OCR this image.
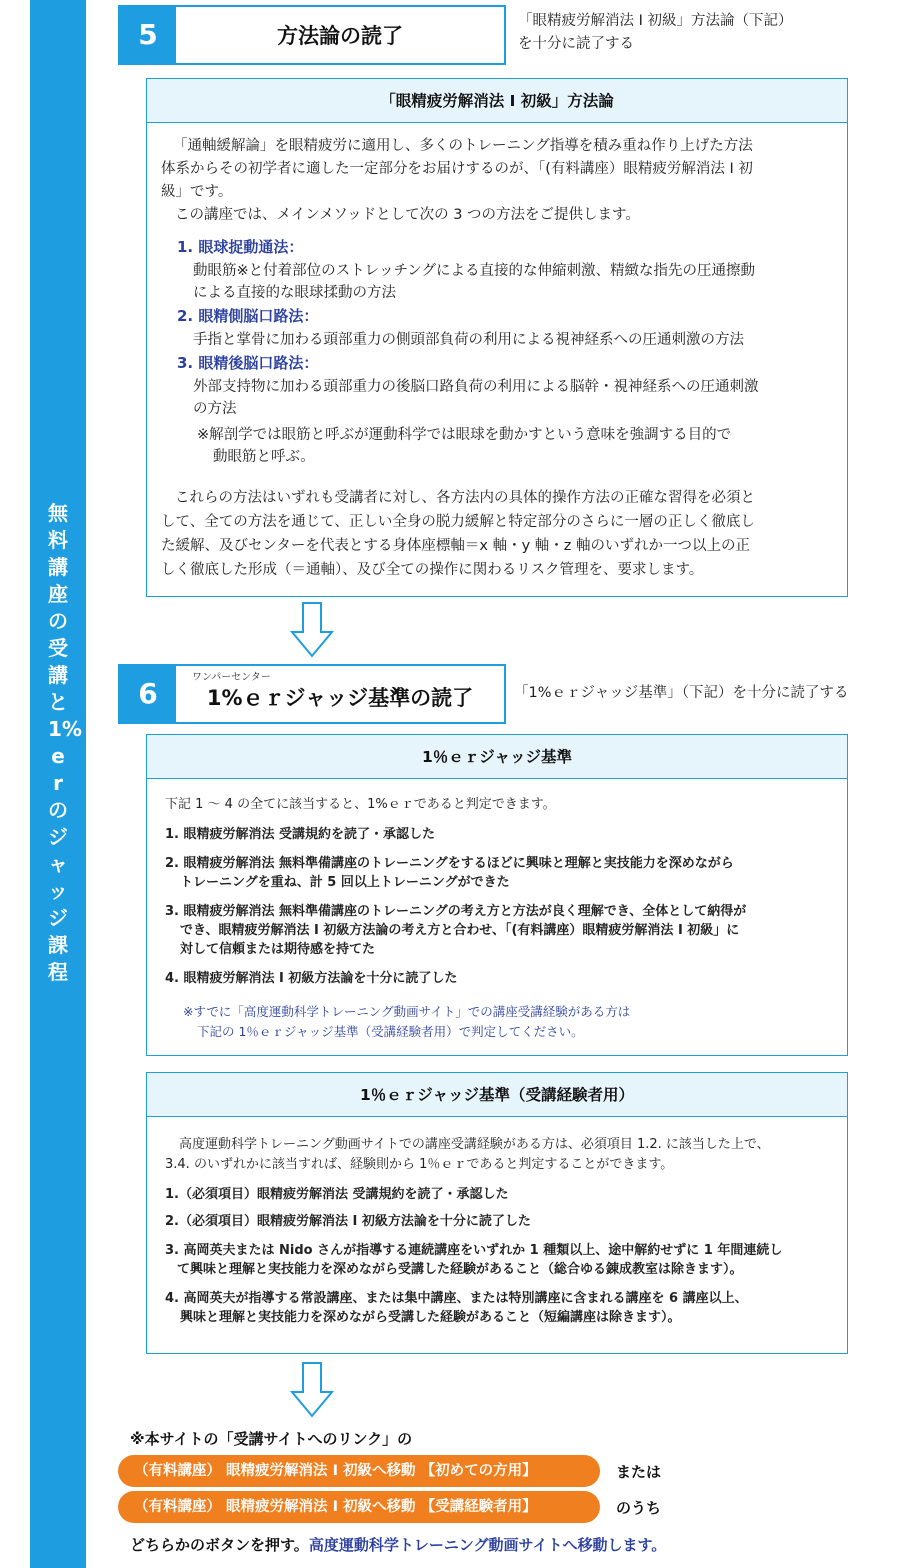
無料講座の受講と1%erのジャッジ課程
5	方法論の読了
「眼精疲労解消法 I 初級」方法論（下記）
を十分に読了する
「眼精疲労解消法 I 初級」方法論
「通軸緩解論」を眼精疲労に適用し、多くのトレーニング指導を積み重ね作り上げた方法
体系からその初学者に適した一定部分をお届けするのが、「(有料講座）眼精疲労解消法 I 初
級」です。
この講座では、メインメソッドとして次の 3 つの方法をご提供します。
1. 眼球捉動通法：
動眼筋※と付着部位のストレッチングによる直接的な伸縮刺激、精緻な指先の圧通擦動
による直接的な眼球揉動の方法
2. 眼精側脳口路法：
手指と掌骨に加わる頭部重力の側頭部負荷の利用による視神経系への圧通刺激の方法
3. 眼精後脳口路法：
外部支持物に加わる頭部重力の後脳口路負荷の利用による脳幹・視神経系への圧通刺激
の方法
※解剖学では眼筋と呼ぶが運動科学では眼球を動かすという意味を強調する目的で
動眼筋と呼ぶ。
これらの方法はいずれも受講者に対し、各方法内の具体的操作方法の正確な習得を必須と
して、全ての方法を通じて、正しい全身の脱力緩解と特定部分のさらに一層の正しく徹底し
た緩解、及びセンターを代表とする身体座標軸＝x 軸・y 軸・z 軸のいずれか一つ以上の正
しく徹底した形成（＝通軸）、及び全ての操作に関わるリスク管理を、要求します。
6	ワンパーセンター
1%ｅｒジャッジ基準の読了	「1%ｅｒジャッジ基準」（下記）を十分に読了する
1％ｅｒジャッジ基準
下記 1 ～ 4 の全てに該当すると、1%ｅｒであると判定できます。
1. 眼精疲労解消法 受講規約を読了・承認した
2. 眼精疲労解消法 無料準備講座のトレーニングをするほどに興味と理解と実技能力を深めながら
トレーニングを重ね、計 5 回以上トレーニングができた
3. 眼精疲労解消法 無料準備講座のトレーニングの考え方と方法が良く理解でき、全体として納得が
でき、眼精疲労解消法 I 初級方法論の考え方と合わせ、「(有料講座）眼精疲労解消法 I 初級」に
対して信頼または期待感を持てた
4. 眼精疲労解消法 I 初級方法論を十分に読了した
※すでに「高度運動科学トレーニング動画サイト」での講座受講経験がある方は
下記の 1％ｅｒジャッジ基準（受講経験者用）で判定してください。
1％ｅｒジャッジ基準（受講経験者用）
高度運動科学トレーニング動画サイトでの講座受講経験がある方は、必須項目 1.2. に該当した上で、
3.4. のいずれかに該当すれば、経験則から 1％ｅｒであると判定することができます。
1.（必須項目）眼精疲労解消法 受講規約を読了・承認した
2.（必須項目）眼精疲労解消法 I 初級方法論を十分に読了した
3. 高岡英夫または Nido さんが指導する連続講座をいずれか 1 種類以上、途中解約せずに 1 年間連続し
て興味と理解と実技能力を深めながら受講した経験があること（総合ゆる錬成教室は除きます）。
4. 高岡英夫が指導する常設講座、または集中講座、または特別講座に含まれる講座を 6 講座以上、
興味と理解と実技能力を深めながら受講した経験があること（短編講座は除きます）。
※本サイトの「受講サイトへのリンク」の
（有料講座） 眼精疲労解消法 I 初級へ移動 【初めての方用】	または
（有料講座） 眼精疲労解消法 I 初級へ移動 【受講経験者用】	のうち
どちらかのボタンを押す。高度運動科学トレーニング動画サイトへ移動します。
